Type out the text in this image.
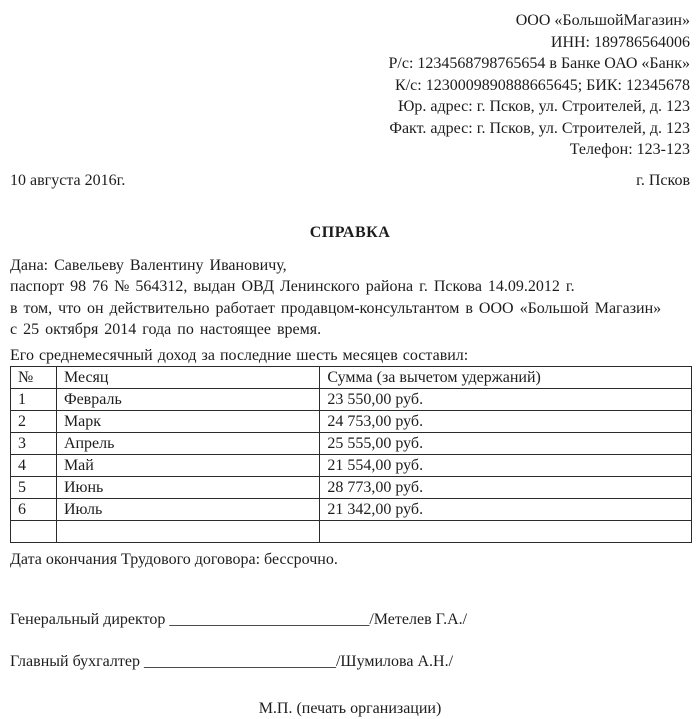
ООО «БольшойМагазин»
ИНН: 189786564006
Р/с: 1234568798765654 в Банке ОАО «Банк»
К/с: 1230009890888665645; БИК: 12345678
Юр. адрес: г. Псков, ул. Строителей, д. 123
Факт. адрес: г. Псков, ул. Строителей, д. 123
Телефон: 123-123
10 августа 2016г.	г. Псков
СПРАВКА
Дана: Савельеву Валентину Ивановичу,
паспорт 98 76 № 564312, выдан ОВД Ленинского района г. Пскова 14.09.2012 г.
в том, что он действительно работает продавцом-консультантом в ООО «Большой Магазин»
с 25 октября 2014 года по настоящее время.
Его среднемесячный доход за последние шесть месяцев составил:
№	Месяц	Сумма (за вычетом удержаний)
1	Февраль	23 550,00 руб.
2	Марк	24 753,00 руб.
3	Апрель	25 555,00 руб.
4	Май	21 554,00 руб.
5	Июнь	28 773,00 руб.
6	Июль	21 342,00 руб.

Дата окончания Трудового договора: бессрочно.
Генеральный директор _________________________/Метелев Г.А./
Главный бухгалтер ________________________/Шумилова А.Н./
М.П. (печать организации)
